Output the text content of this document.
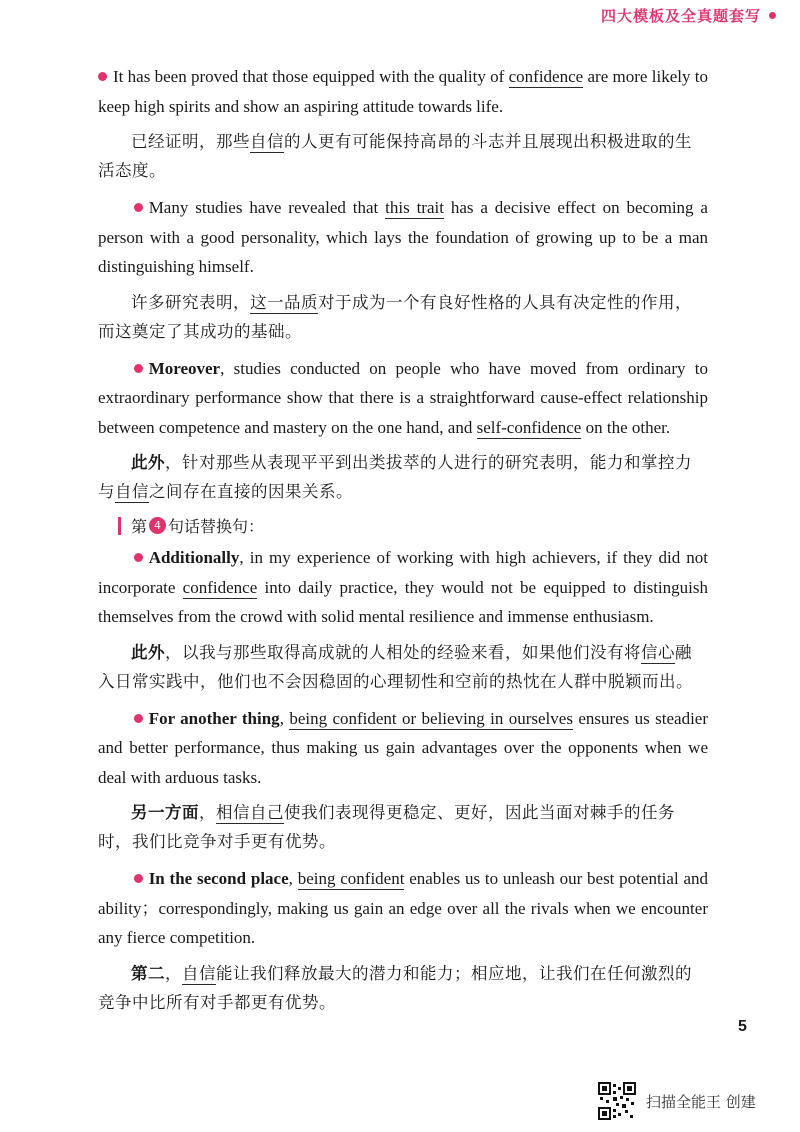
四大模板及全真题套写

It has been proved that those equipped with the quality of confidence are more likely to keep high spirits and show an aspiring attitude towards life.

已经证明，那些自信的人更有可能保持高昂的斗志并且展现出积极进取的生活态度。

Many studies have revealed that this trait has a decisive effect on becoming a person with a good personality, which lays the foundation of growing up to be a man distinguishing himself.

许多研究表明，这一品质对于成为一个有良好性格的人具有决定性的作用，而这奠定了其成功的基础。

Moreover, studies conducted on people who have moved from ordinary to extraordinary performance show that there is a straightforward cause-effect relationship between competence and mastery on the one hand, and self-confidence on the other.

此外，针对那些从表现平平到出类拔萃的人进行的研究表明，能力和掌控力与自信之间存在直接的因果关系。

第 4 句话替换句：

Additionally, in my experience of working with high achievers, if they did not incorporate confidence into daily practice, they would not be equipped to distinguish themselves from the crowd with solid mental resilience and immense enthusiasm.

此外，以我与那些取得高成就的人相处的经验来看，如果他们没有将信心融入日常实践中，他们也不会因稳固的心理韧性和空前的热忱在人群中脱颖而出。

For another thing, being confident or believing in ourselves ensures us steadier and better performance, thus making us gain advantages over the opponents when we deal with arduous tasks.

另一方面，相信自己使我们表现得更稳定、更好，因此当面对棘手的任务时，我们比竞争对手更有优势。

In the second place, being confident enables us to unleash our best potential and ability；correspondingly, making us gain an edge over all the rivals when we encounter any fierce competition.

第二，自信能让我们释放最大的潜力和能力；相应地，让我们在任何激烈的竞争中比所有对手都更有优势。

5
扫描全能王 创建
